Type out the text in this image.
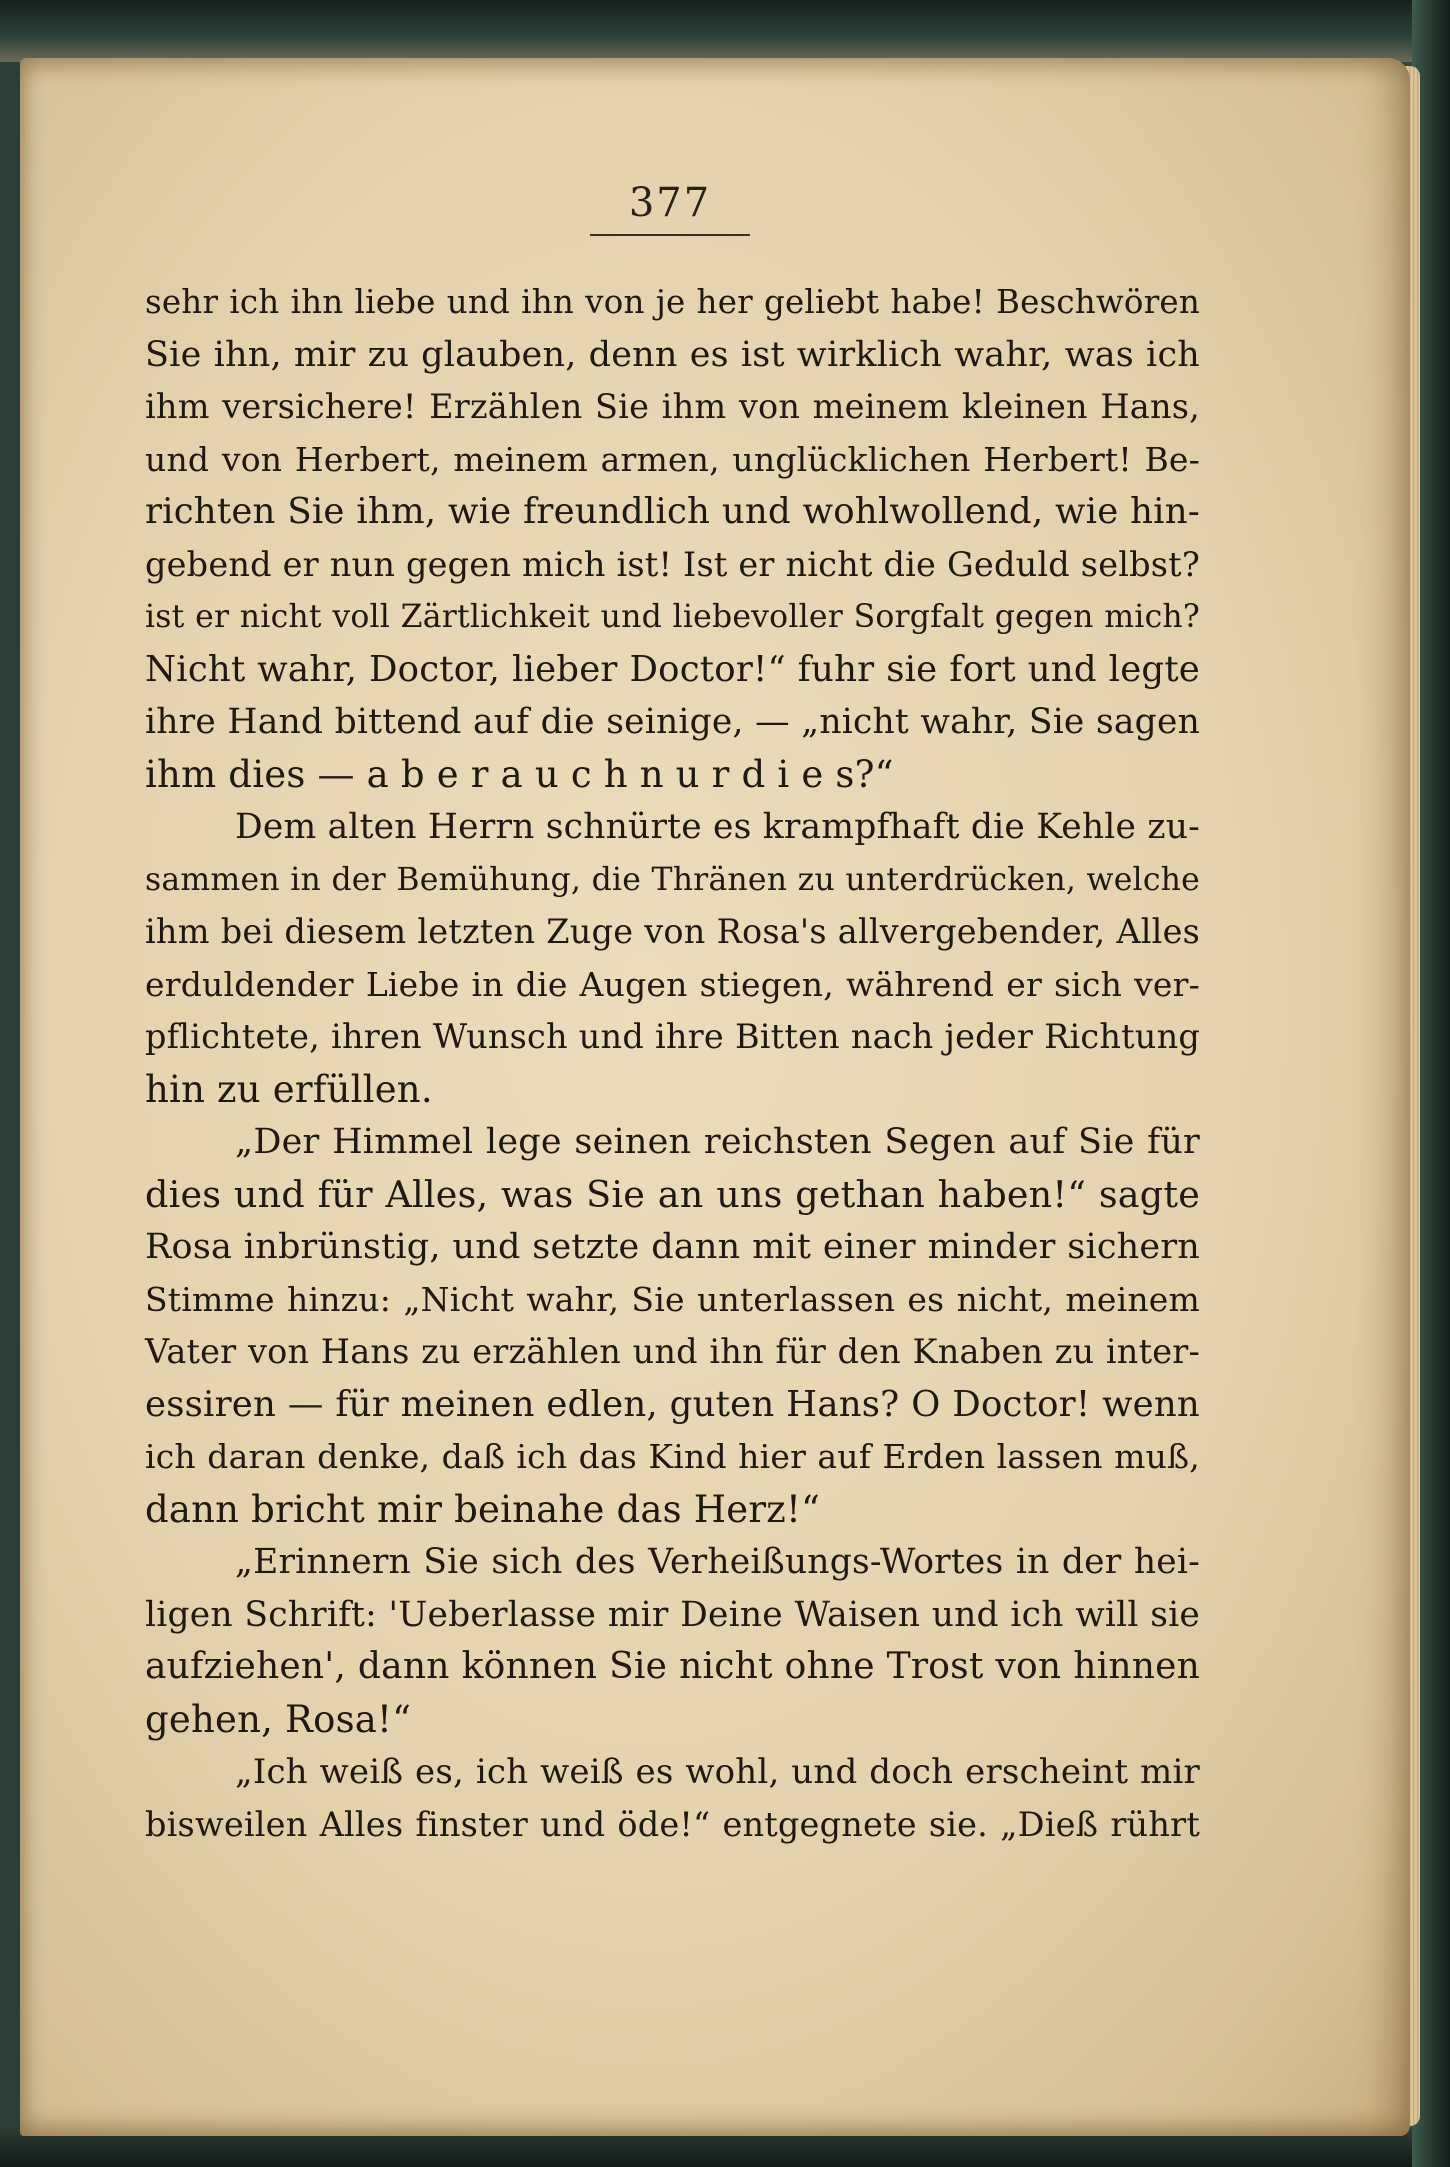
377
sehr ich ihn liebe und ihn von je her geliebt habe! Beschwören
Sie ihn, mir zu glauben, denn es ist wirklich wahr, was ich
ihm versichere! Erzählen Sie ihm von meinem kleinen Hans,
und von Herbert, meinem armen, unglücklichen Herbert! Be-
richten Sie ihm, wie freundlich und wohlwollend, wie hin-
gebend er nun gegen mich ist! Ist er nicht die Geduld selbst?
ist er nicht voll Zärtlichkeit und liebevoller Sorgfalt gegen mich?
Nicht wahr, Doctor, lieber Doctor!“ fuhr sie fort und legte
ihre Hand bittend auf die seinige, — „nicht wahr, Sie sagen
ihm dies — a b e r a u c h n u r d i e s?“
Dem alten Herrn schnürte es krampfhaft die Kehle zu-
sammen in der Bemühung, die Thränen zu unterdrücken, welche
ihm bei diesem letzten Zuge von Rosa's allvergebender, Alles
erduldender Liebe in die Augen stiegen, während er sich ver-
pflichtete, ihren Wunsch und ihre Bitten nach jeder Richtung
hin zu erfüllen.
„Der Himmel lege seinen reichsten Segen auf Sie für
dies und für Alles, was Sie an uns gethan haben!“ sagte
Rosa inbrünstig, und setzte dann mit einer minder sichern
Stimme hinzu: „Nicht wahr, Sie unterlassen es nicht, meinem
Vater von Hans zu erzählen und ihn für den Knaben zu inter-
essiren — für meinen edlen, guten Hans? O Doctor! wenn
ich daran denke, daß ich das Kind hier auf Erden lassen muß,
dann bricht mir beinahe das Herz!“
„Erinnern Sie sich des Verheißungs-Wortes in der hei-
ligen Schrift: 'Ueberlasse mir Deine Waisen und ich will sie
aufziehen', dann können Sie nicht ohne Trost von hinnen
gehen, Rosa!“
„Ich weiß es, ich weiß es wohl, und doch erscheint mir
bisweilen Alles finster und öde!“ entgegnete sie. „Dieß rührt
